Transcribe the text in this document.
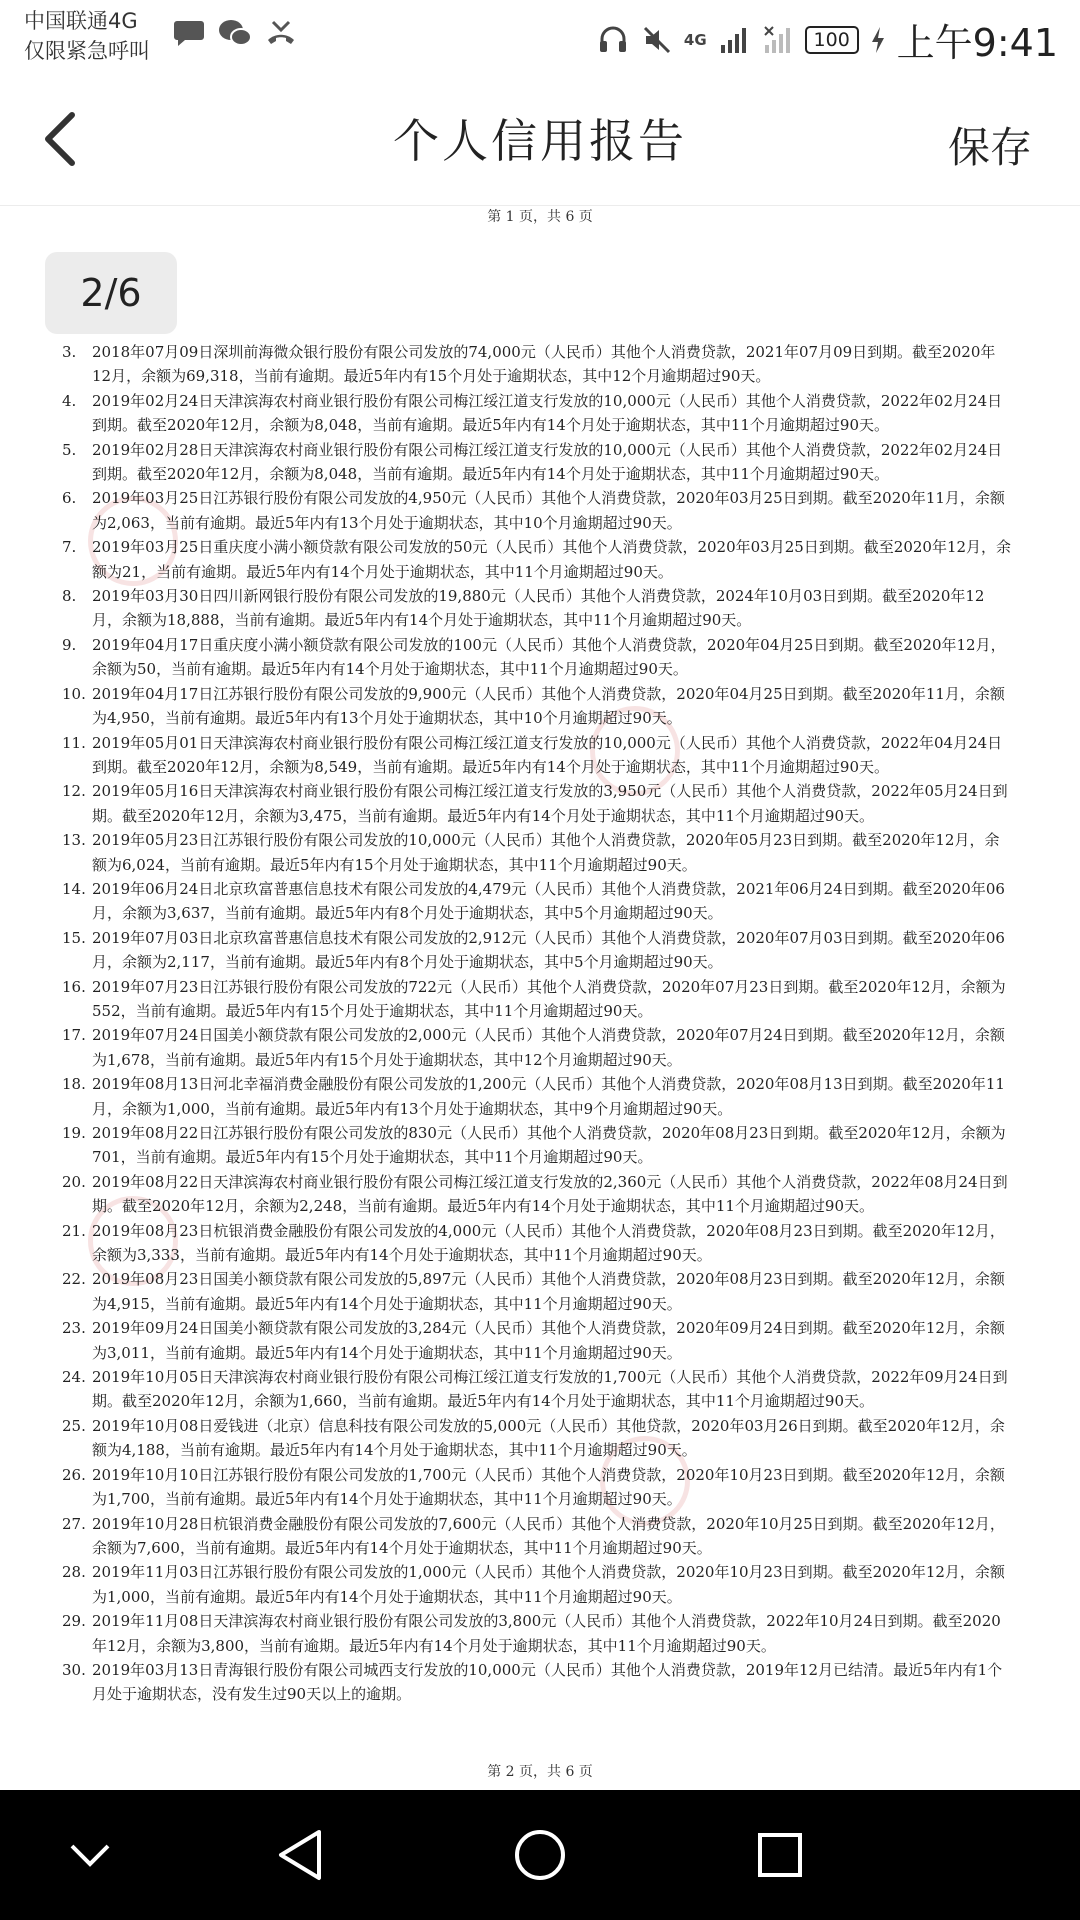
中国联通4G
仅限紧急呼叫	4G	100 上午9:41
个人信用报告	保存
第 1 页，共 6 页
2/6
3.	2018年07月09日深圳前海微众银行股份有限公司发放的74,000元（人民币）其他个人消费贷款，2021年07月09日到期。截至2020年12月，余额为69,318，当前有逾期。最近5年内有15个月处于逾期状态，其中12个月逾期超过90天。
4.	2019年02月24日天津滨海农村商业银行股份有限公司梅江绥江道支行发放的10,000元（人民币）其他个人消费贷款，2022年02月24日到期。截至2020年12月，余额为8,048，当前有逾期。最近5年内有14个月处于逾期状态，其中11个月逾期超过90天。
5.	2019年02月28日天津滨海农村商业银行股份有限公司梅江绥江道支行发放的10,000元（人民币）其他个人消费贷款，2022年02月24日到期。截至2020年12月，余额为8,048，当前有逾期。最近5年内有14个月处于逾期状态，其中11个月逾期超过90天。
6.	2019年03月25日江苏银行股份有限公司发放的4,950元（人民币）其他个人消费贷款，2020年03月25日到期。截至2020年11月，余额为2,063，当前有逾期。最近5年内有13个月处于逾期状态，其中10个月逾期超过90天。
7.	2019年03月25日重庆度小满小额贷款有限公司发放的50元（人民币）其他个人消费贷款，2020年03月25日到期。截至2020年12月，余额为21，当前有逾期。最近5年内有14个月处于逾期状态，其中11个月逾期超过90天。
8.	2019年03月30日四川新网银行股份有限公司发放的19,880元（人民币）其他个人消费贷款，2024年10月03日到期。截至2020年12月，余额为18,888，当前有逾期。最近5年内有14个月处于逾期状态，其中11个月逾期超过90天。
9.	2019年04月17日重庆度小满小额贷款有限公司发放的100元（人民币）其他个人消费贷款，2020年04月25日到期。截至2020年12月，余额为50，当前有逾期。最近5年内有14个月处于逾期状态，其中11个月逾期超过90天。
10. 2019年04月17日江苏银行股份有限公司发放的9,900元（人民币）其他个人消费贷款，2020年04月25日到期。截至2020年11月，余额为4,950，当前有逾期。最近5年内有13个月处于逾期状态，其中10个月逾期超过90天。
11. 2019年05月01日天津滨海农村商业银行股份有限公司梅江绥江道支行发放的10,000元（人民币）其他个人消费贷款，2022年04月24日到期。截至2020年12月，余额为8,549，当前有逾期。最近5年内有14个月处于逾期状态，其中11个月逾期超过90天。
12. 2019年05月16日天津滨海农村商业银行股份有限公司梅江绥江道支行发放的3,950元（人民币）其他个人消费贷款，2022年05月24日到期。截至2020年12月，余额为3,475，当前有逾期。最近5年内有14个月处于逾期状态，其中11个月逾期超过90天。
13. 2019年05月23日江苏银行股份有限公司发放的10,000元（人民币）其他个人消费贷款，2020年05月23日到期。截至2020年12月，余额为6,024，当前有逾期。最近5年内有15个月处于逾期状态，其中11个月逾期超过90天。
14. 2019年06月24日北京玖富普惠信息技术有限公司发放的4,479元（人民币）其他个人消费贷款，2021年06月24日到期。截至2020年06月，余额为3,637，当前有逾期。最近5年内有8个月处于逾期状态，其中5个月逾期超过90天。
15. 2019年07月03日北京玖富普惠信息技术有限公司发放的2,912元（人民币）其他个人消费贷款，2020年07月03日到期。截至2020年06月，余额为2,117，当前有逾期。最近5年内有8个月处于逾期状态，其中5个月逾期超过90天。
16. 2019年07月23日江苏银行股份有限公司发放的722元（人民币）其他个人消费贷款，2020年07月23日到期。截至2020年12月，余额为552，当前有逾期。最近5年内有15个月处于逾期状态，其中11个月逾期超过90天。
17. 2019年07月24日国美小额贷款有限公司发放的2,000元（人民币）其他个人消费贷款，2020年07月24日到期。截至2020年12月，余额为1,678，当前有逾期。最近5年内有15个月处于逾期状态，其中12个月逾期超过90天。
18. 2019年08月13日河北幸福消费金融股份有限公司发放的1,200元（人民币）其他个人消费贷款，2020年08月13日到期。截至2020年11月，余额为1,000，当前有逾期。最近5年内有13个月处于逾期状态，其中9个月逾期超过90天。
19. 2019年08月22日江苏银行股份有限公司发放的830元（人民币）其他个人消费贷款，2020年08月23日到期。截至2020年12月，余额为701，当前有逾期。最近5年内有15个月处于逾期状态，其中11个月逾期超过90天。
20. 2019年08月22日天津滨海农村商业银行股份有限公司梅江绥江道支行发放的2,360元（人民币）其他个人消费贷款，2022年08月24日到期。截至2020年12月，余额为2,248，当前有逾期。最近5年内有14个月处于逾期状态，其中11个月逾期超过90天。
21. 2019年08月23日杭银消费金融股份有限公司发放的4,000元（人民币）其他个人消费贷款，2020年08月23日到期。截至2020年12月，余额为3,333，当前有逾期。最近5年内有14个月处于逾期状态，其中11个月逾期超过90天。
22. 2019年08月23日国美小额贷款有限公司发放的5,897元（人民币）其他个人消费贷款，2020年08月23日到期。截至2020年12月，余额为4,915，当前有逾期。最近5年内有14个月处于逾期状态，其中11个月逾期超过90天。
23. 2019年09月24日国美小额贷款有限公司发放的3,284元（人民币）其他个人消费贷款，2020年09月24日到期。截至2020年12月，余额为3,011，当前有逾期。最近5年内有14个月处于逾期状态，其中11个月逾期超过90天。
24. 2019年10月05日天津滨海农村商业银行股份有限公司梅江绥江道支行发放的1,700元（人民币）其他个人消费贷款，2022年09月24日到期。截至2020年12月，余额为1,660，当前有逾期。最近5年内有14个月处于逾期状态，其中11个月逾期超过90天。
25. 2019年10月08日爱钱进（北京）信息科技有限公司发放的5,000元（人民币）其他贷款，2020年03月26日到期。截至2020年12月，余额为4,188，当前有逾期。最近5年内有14个月处于逾期状态，其中11个月逾期超过90天。
26. 2019年10月10日江苏银行股份有限公司发放的1,700元（人民币）其他个人消费贷款，2020年10月23日到期。截至2020年12月，余额为1,700，当前有逾期。最近5年内有14个月处于逾期状态，其中11个月逾期超过90天。
27. 2019年10月28日杭银消费金融股份有限公司发放的7,600元（人民币）其他个人消费贷款，2020年10月25日到期。截至2020年12月，余额为7,600，当前有逾期。最近5年内有14个月处于逾期状态，其中11个月逾期超过90天。
28. 2019年11月03日江苏银行股份有限公司发放的1,000元（人民币）其他个人消费贷款，2020年10月23日到期。截至2020年12月，余额为1,000，当前有逾期。最近5年内有14个月处于逾期状态，其中11个月逾期超过90天。
29. 2019年11月08日天津滨海农村商业银行股份有限公司发放的3,800元（人民币）其他个人消费贷款，2022年10月24日到期。截至2020年12月，余额为3,800，当前有逾期。最近5年内有14个月处于逾期状态，其中11个月逾期超过90天。
30. 2019年03月13日青海银行股份有限公司城西支行发放的10,000元（人民币）其他个人消费贷款，2019年12月已结清。最近5年内有1个月处于逾期状态，没有发生过90天以上的逾期。
第 2 页，共 6 页
